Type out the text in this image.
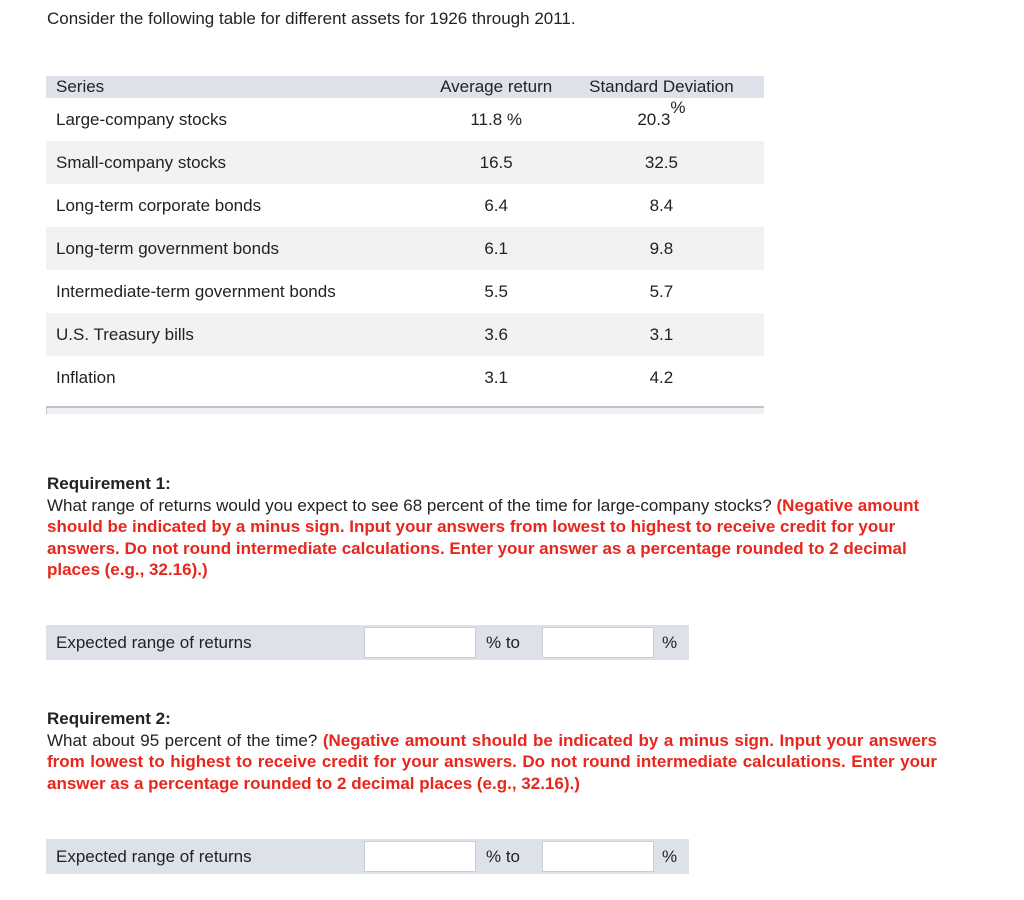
Consider the following table for different assets for 1926 through 2011.
Series	Average return	Standard Deviation
Large-company stocks	11.8 %	20.3%
Small-company stocks	16.5	32.5
Long-term corporate bonds	6.4	8.4
Long-term government bonds	6.1	9.8
Intermediate-term government bonds	5.5	5.7
U.S. Treasury bills	3.6	3.1
Inflation	3.1	4.2
Requirement 1:
What range of returns would you expect to see 68 percent of the time for large-company stocks? (Negative amount should be indicated by a minus sign. Input your answers from lowest to highest to receive credit for your answers. Do not round intermediate calculations. Enter your answer as a percentage rounded to 2 decimal places (e.g., 32.16).)
Expected range of returns	% to	%
Requirement 2:
What about 95 percent of the time? (Negative amount should be indicated by a minus sign. Input your answers from lowest to highest to receive credit for your answers. Do not round intermediate calculations. Enter your answer as a percentage rounded to 2 decimal places (e.g., 32.16).)
Expected range of returns	% to	%
